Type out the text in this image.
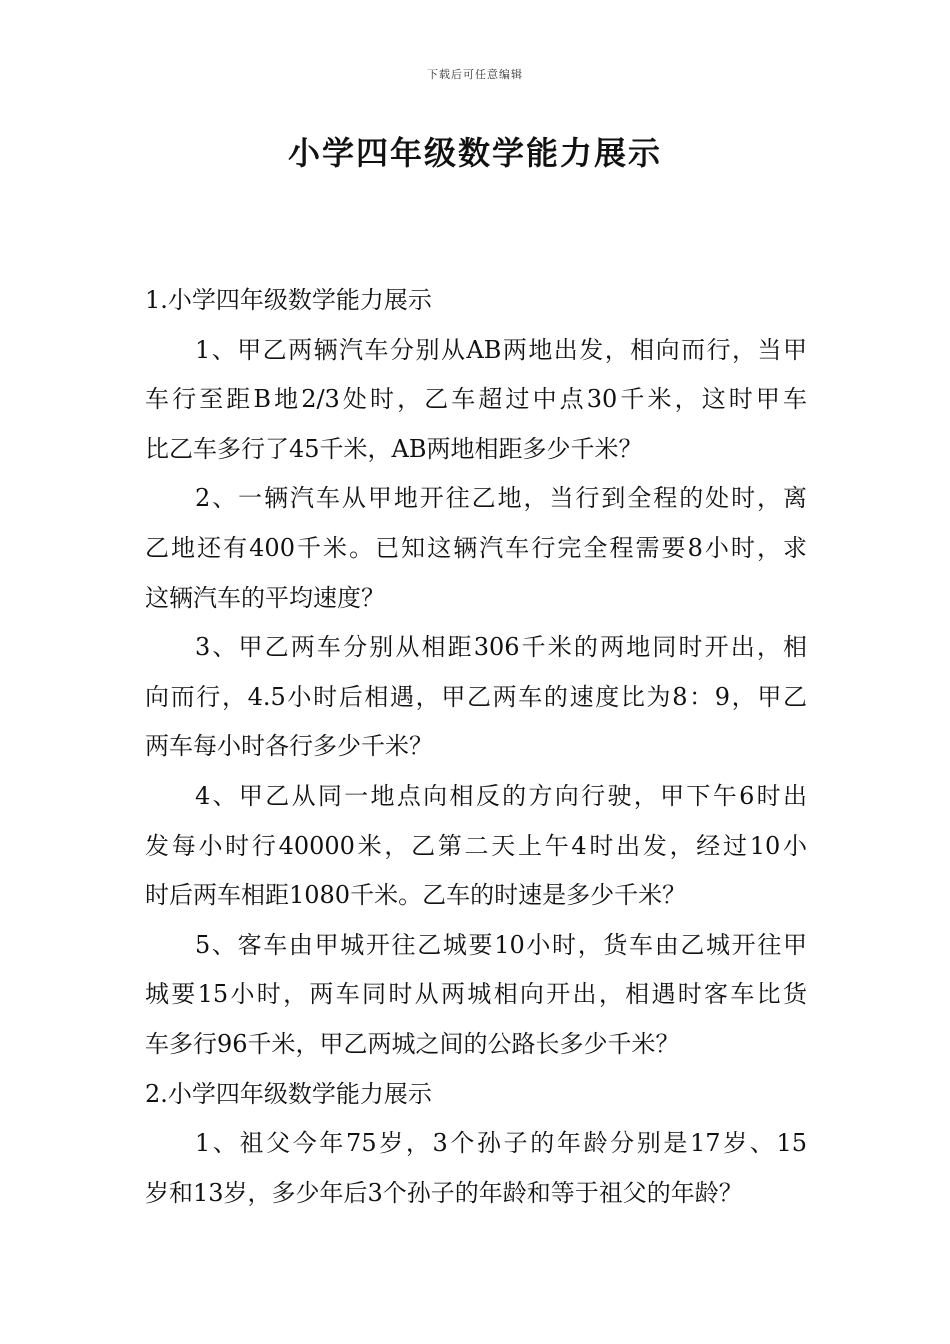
下载后可任意编辑
小学四年级数学能力展示
1.小学四年级数学能力展示
1、甲乙两辆汽车分别从AB两地出发，相向而行，当甲
车行至距B地2/3处时，乙车超过中点30千米，这时甲车
比乙车多行了45千米，AB两地相距多少千米？
2、一辆汽车从甲地开往乙地，当行到全程的处时，离
乙地还有400千米。已知这辆汽车行完全程需要8小时，求
这辆汽车的平均速度？
3、甲乙两车分别从相距306千米的两地同时开出，相
向而行，4.5小时后相遇，甲乙两车的速度比为8：9，甲乙
两车每小时各行多少千米？
4、甲乙从同一地点向相反的方向行驶，甲下午6时出
发每小时行40000米，乙第二天上午4时出发，经过10小
时后两车相距1080千米。乙车的时速是多少千米？
5、客车由甲城开往乙城要10小时，货车由乙城开往甲
城要15小时，两车同时从两城相向开出，相遇时客车比货
车多行96千米，甲乙两城之间的公路长多少千米？
2.小学四年级数学能力展示
1、祖父今年75岁，3个孙子的年龄分别是17岁、15
岁和13岁，多少年后3个孙子的年龄和等于祖父的年龄？
